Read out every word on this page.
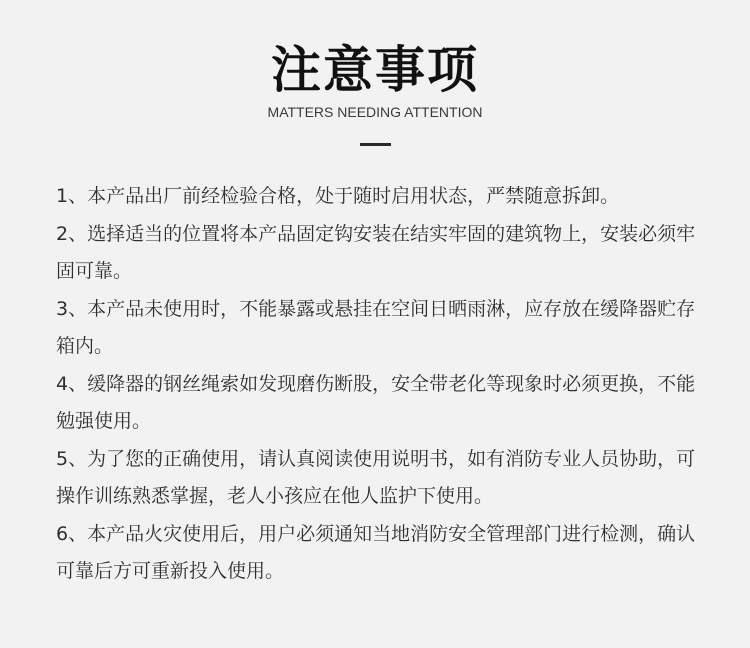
注意事项
MATTERS NEEDING ATTENTION
1、本产品出厂前经检验合格，处于随时启用状态，严禁随意拆卸。
2、选择适当的位置将本产品固定钩安装在结实牢固的建筑物上，安装必须牢固可靠。
3、本产品未使用时，不能暴露或悬挂在空间日晒雨淋，应存放在缓降器贮存箱内。
4、缓降器的钢丝绳索如发现磨伤断股，安全带老化等现象时必须更换，不能勉强使用。
5、为了您的正确使用，请认真阅读使用说明书，如有消防专业人员协助，可操作训练熟悉掌握，老人小孩应在他人监护下使用。
6、本产品火灾使用后，用户必须通知当地消防安全管理部门进行检测，确认可靠后方可重新投入使用。
